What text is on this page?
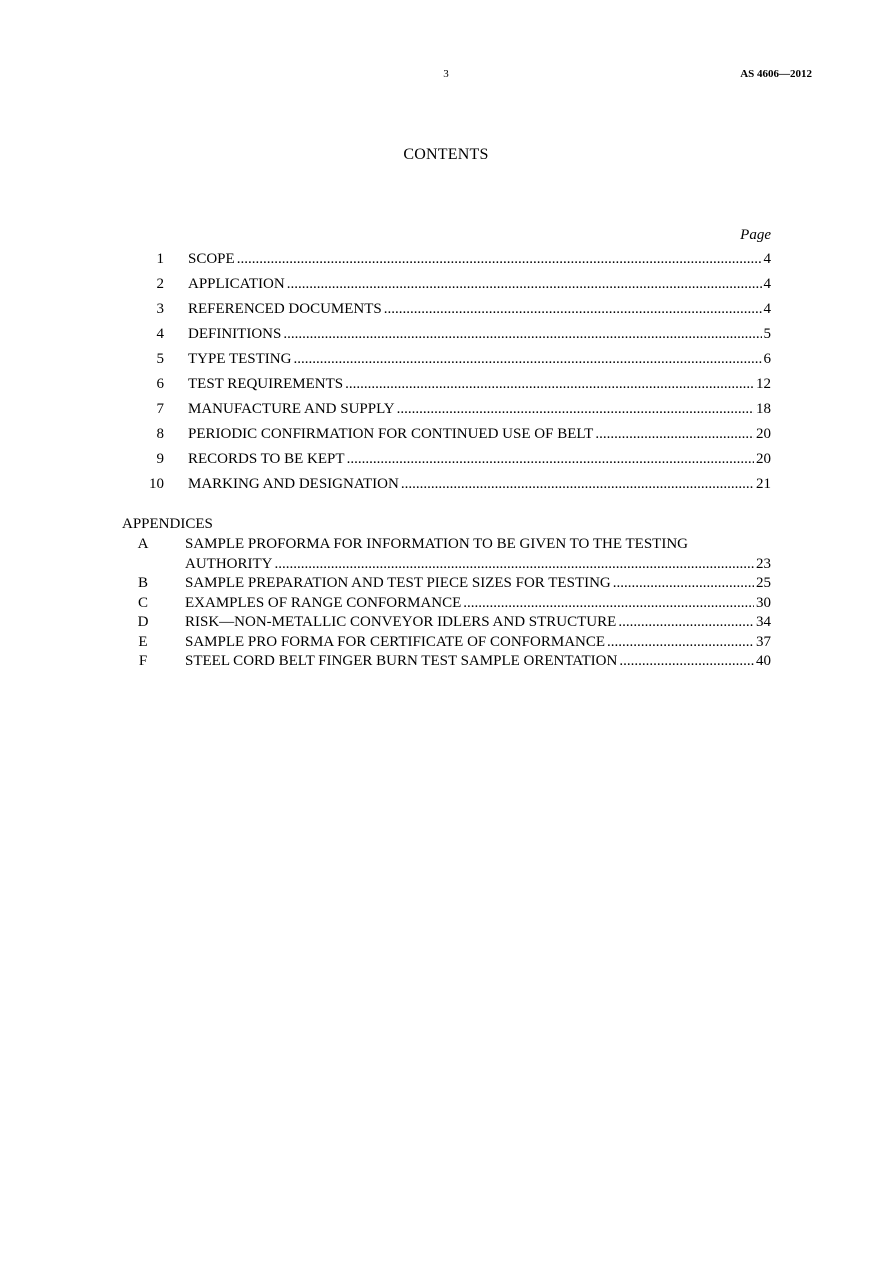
3	AS 4606—2012
CONTENTS
Page
1 SCOPE .....	4
2 APPLICATION .....	4
3 REFERENCED DOCUMENTS .....	4
4 DEFINITIONS .....	5
5 TYPE TESTING .....	6
6 TEST REQUIREMENTS .....	12
7 MANUFACTURE AND SUPPLY .....	18
8 PERIODIC CONFIRMATION FOR CONTINUED USE OF BELT .....	20
9 RECORDS TO BE KEPT .....	20
10 MARKING AND DESIGNATION .....	21
APPENDICES
A	SAMPLE PROFORMA FOR INFORMATION TO BE GIVEN TO THE TESTING
AUTHORITY .....	23
B	SAMPLE PREPARATION AND TEST PIECE SIZES FOR TESTING .....	25
C	EXAMPLES OF RANGE CONFORMANCE .....	30
D	RISK—NON-METALLIC CONVEYOR IDLERS AND STRUCTURE .....	34
E	SAMPLE PRO FORMA FOR CERTIFICATE OF CONFORMANCE .....	37
F	STEEL CORD BELT FINGER BURN TEST SAMPLE ORENTATION .....	40
